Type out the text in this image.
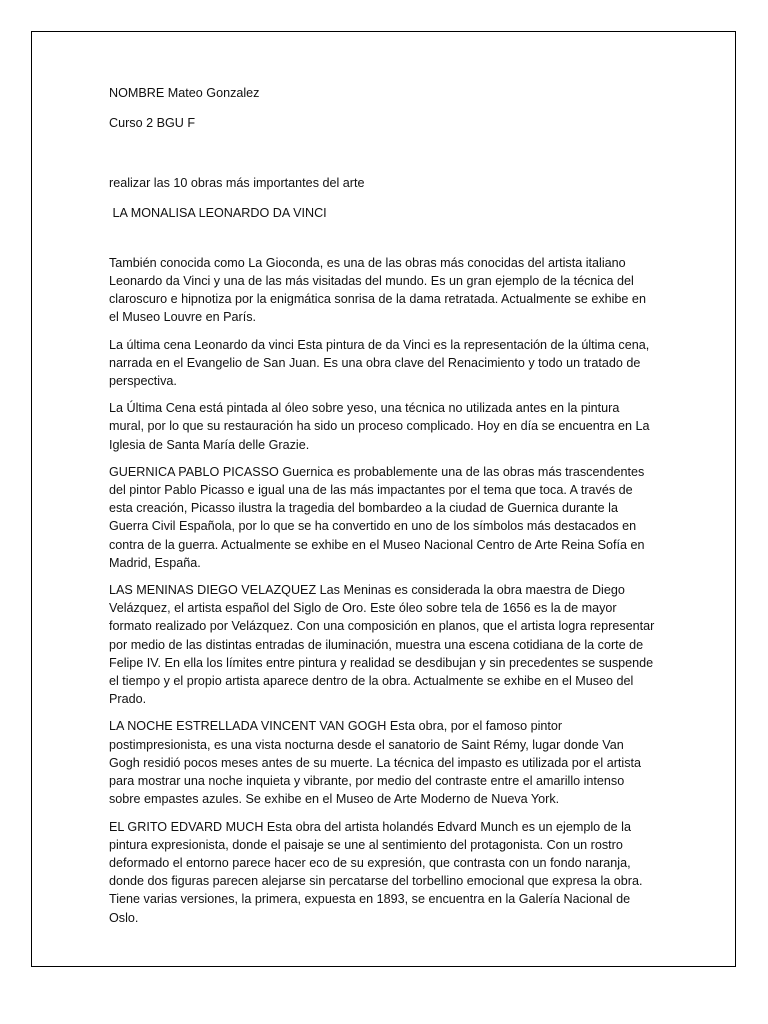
NOMBRE Mateo Gonzalez

Curso 2 BGU F

realizar las 10 obras más importantes del arte

LA MONALISA LEONARDO DA VINCI

También conocida como La Gioconda, es una de las obras más conocidas del artista italiano Leonardo da Vinci y una de las más visitadas del mundo. Es un gran ejemplo de la técnica del claroscuro e hipnotiza por la enigmática sonrisa de la dama retratada. Actualmente se exhibe en el Museo Louvre en París.

La última cena Leonardo da vinci Esta pintura de da Vinci es la representación de la última cena, narrada en el Evangelio de San Juan. Es una obra clave del Renacimiento y todo un tratado de perspectiva.

La Última Cena está pintada al óleo sobre yeso, una técnica no utilizada antes en la pintura mural, por lo que su restauración ha sido un proceso complicado. Hoy en día se encuentra en La Iglesia de Santa María delle Grazie.

GUERNICA PABLO PICASSO Guernica es probablemente una de las obras más trascendentes del pintor Pablo Picasso e igual una de las más impactantes por el tema que toca. A través de esta creación, Picasso ilustra la tragedia del bombardeo a la ciudad de Guernica durante la Guerra Civil Española, por lo que se ha convertido en uno de los símbolos más destacados en contra de la guerra. Actualmente se exhibe en el Museo Nacional Centro de Arte Reina Sofía en Madrid, España.

LAS MENINAS DIEGO VELAZQUEZ Las Meninas es considerada la obra maestra de Diego Velázquez, el artista español del Siglo de Oro. Este óleo sobre tela de 1656 es la de mayor formato realizado por Velázquez. Con una composición en planos, que el artista logra representar por medio de las distintas entradas de iluminación, muestra una escena cotidiana de la corte de Felipe IV. En ella los límites entre pintura y realidad se desdibujan y sin precedentes se suspende el tiempo y el propio artista aparece dentro de la obra. Actualmente se exhibe en el Museo del Prado.

LA NOCHE ESTRELLADA VINCENT VAN GOGH Esta obra, por el famoso pintor postimpresionista, es una vista nocturna desde el sanatorio de Saint Rémy, lugar donde Van Gogh residió pocos meses antes de su muerte. La técnica del impasto es utilizada por el artista para mostrar una noche inquieta y vibrante, por medio del contraste entre el amarillo intenso sobre empastes azules. Se exhibe en el Museo de Arte Moderno de Nueva York.

EL GRITO EDVARD MUCH Esta obra del artista holandés Edvard Munch es un ejemplo de la pintura expresionista, donde el paisaje se une al sentimiento del protagonista. Con un rostro deformado el entorno parece hacer eco de su expresión, que contrasta con un fondo naranja, donde dos figuras parecen alejarse sin percatarse del torbellino emocional que expresa la obra. Tiene varias versiones, la primera, expuesta en 1893, se encuentra en la Galería Nacional de Oslo.
